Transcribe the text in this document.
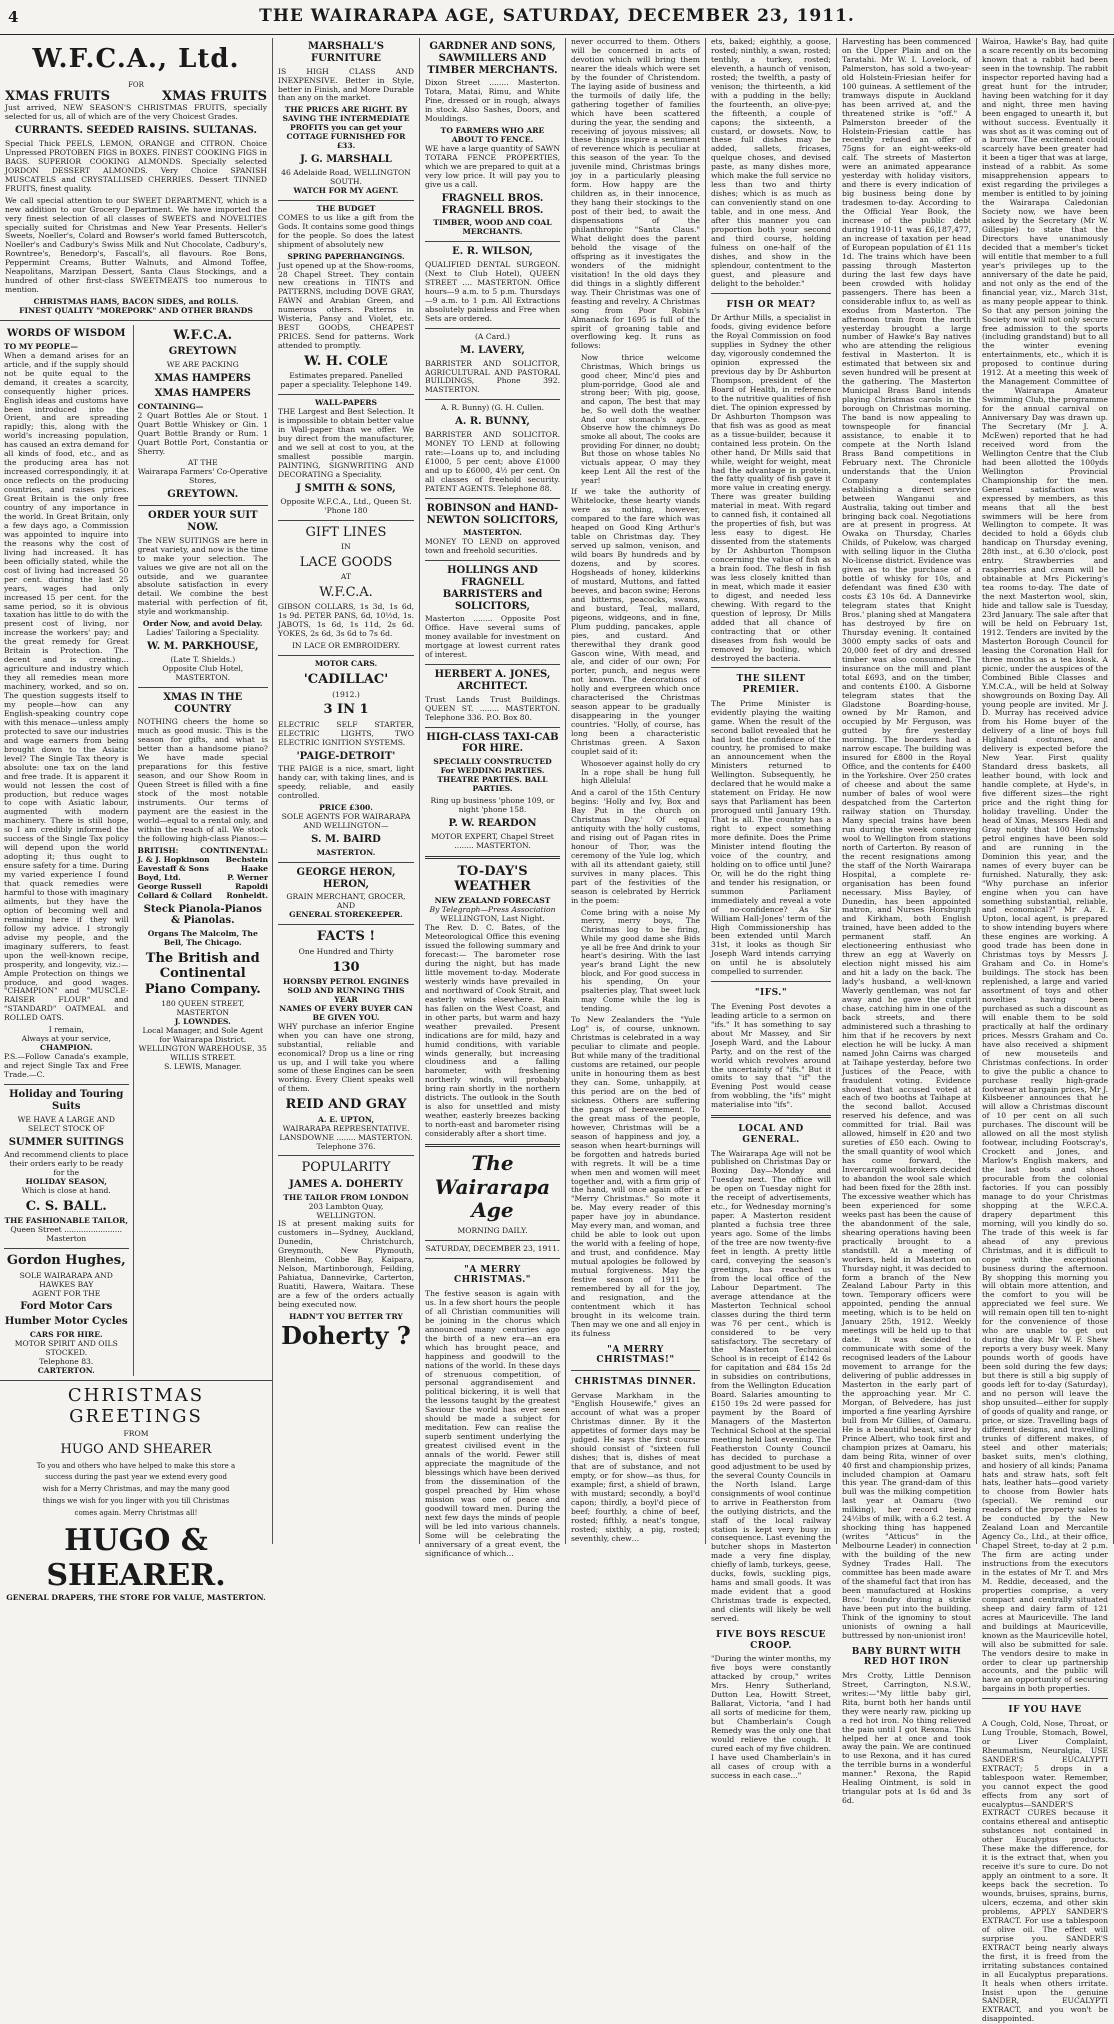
4	THE WAIRARAPA AGE, SATURDAY, DECEMBER 23, 1911.
W.F.C.A., Ltd.
FOR
XMAS FRUITS	XMAS FRUITS

Just arrived, NEW SEASON'S CHRISTMAS FRUITS, specially selected for us, all of which are of the very Choicest Grades.

CURRANTS. SEEDED RAISINS. SULTANAS.

Special Thick PEELS, LEMON, ORANGE and CITRON. Choice Unpressed PROTOBEN FIGS in BOXES. FINEST COOKING FIGS in BAGS. SUPERIOR COOKING ALMONDS. Specially selected JORDON DESSERT ALMONDS. Very Choice SPANISH MUSCATELS and CRYSTALLISED CHERRIES. Dessert TINNED FRUITS, finest quality.

We call special attention to our SWEET DEPARTMENT, which is a new addition to our Grocery Department. We have imported the very finest selection of all classes of SWEETS and NOVELTIES specially suited for Christmas and New Year Presents. Heller's Sweets, Noeller's, Colard and Bowser's world famed Butterscotch, Noeller's and Cadbury's Swiss Milk and Nut Chocolate, Cadbury's, Rowntree's, Benedorp's, Fascall's, all flavours. Roe Bons, Peppermint Creams, Butter Walnuts, and Almond Toffee, Neapolitans, Marzipan Dessert, Santa Claus Stockings, and a hundred of other first-class SWEETMEATS too numerous to mention.

CHRISTMAS HAMS, BACON SIDES, and ROLLS.
FINEST QUALITY "MOREPORK" AND OTHER BRANDS
WORDS OF WISDOM
TO MY PEOPLE—

When a demand arises for an article, and if the supply should not be quite equal to the demand, it creates a scarcity, consequently higher prices. English ideas and customs have been introduced into the Orient, and are spreading rapidly; this, along with the world's increasing population, has caused an extra demand for all kinds of food, etc., and as the producing area has not increased correspondingly, it at once reflects on the producing countries, and raises prices. Great Britain is the only free country of any importance in the world. In Great Britain, only a few days ago, a Commission was appointed to inquire into the reasons why the cost of living had increased. It has been officially stated, while the cost of living had increased 50 per cent. during the last 25 years, wages had only increased 15 per cent. for the same period, so it is obvious taxation has little to do with the present cost of living, nor increase the workers' pay; and the great remedy for Great Britain is Protection. The decent and is creating... agriculture and industry which they all remedies mean more machinery, worked, and so on. The question suggests itself to my people—how can any English-speaking country cope with this menace—unless amply protected to save our industries and wage earners from being brought down to the Asiatic level? The Single Tax theory is absolute: one tax on the land and free trade. It is apparent it would not lessen the cost of production, but reduce wages to cope with Asiatic labour, augmented with modern machinery. There is still hope, so I am credibly informed the success of the Single Tax policy will depend upon the world adopting it; thus ought to ensure safety for a time. During my varied experience I found that quack remedies were harmful to those with imaginary ailments, but they have the option of becoming well and remaining here if they will follow my advice. I strongly advise my people, and the imaginary sufferers, to feast upon the well-known recipe, prosperity, and longevity, viz.:— Ample Protection on things we produce, and good wages. "CHAMPION" and "MUSCLE-RAISER FLOUR" and "STANDARD" OATMEAL and ROLLED OATS.

I remain,
Always at your service,
CHAMPION.

P.S.—Follow Canada's example, and reject Single Tax and Free Trade.—C.

Holiday and Touring Suits
WE HAVE A LARGE AND SELECT STOCK OF
SUMMER SUITINGS
And recommend clients to place their orders early to be ready for the
HOLIDAY SEASON,
Which is close at hand.
C. S. BALL.
THE FASHIONABLE TAILOR,
Queen Street ........................ Masterton
Gordon Hughes,
SOLE WAIRARAPA AND HAWKES BAY
AGENT FOR THE
Ford Motor Cars
Humber Motor Cycles
CARS FOR HIRE.
MOTOR SPIRIT AND OILS STOCKED.
Telephone 83.
CARTERTON.
W.F.C.A.
GREYTOWN
WE ARE PACKING
XMAS HAMPERS
XMAS HAMPERS
CONTAINING—

2 Quart Bottles Ale or Stout. 1 Quart Bottle Whiskey or Gin. 1 Quart Bottle Brandy or Rum. 1 Quart Bottle Port, Constantia or Sherry.

AT THE
Wairarapa Farmers' Co-Operative Stores,
GREYTOWN.
ORDER YOUR SUIT NOW.

The NEW SUITINGS are here in great variety, and now is the time to make your selection. The values we give are not all on the outside, and we guarantee absolute satisfaction in every detail. We combine the best material with perfection of fit, style and workmanship.

Order Now, and avoid Delay.
Ladies' Tailoring a Speciality.
W. M. PARKHOUSE,
(Late T. Shields.)
Opposite Club Hotel, MASTERTON.
XMAS IN THE COUNTRY

NOTHING cheers the home so much as good music. This is the season for gifts, and what is better than a handsome piano? We have made special preparations for this festive season, and our Show Room in Queen Street is filled with a fine stock of the most notable instruments. Our terms of payment are the easiest in the world—equal to a rental only, and within the reach of all. We stock the following high-class Pianos:—

BRITISH:	CONTINENTAL:
J. & J. Hopkinson
Eavestaff & Sons
Boyd, Ltd.
George Russell
Collard & Collard
Bechstein
Haake
P. Werner
Rapoldi
Ronheldt.
Steck Pianola-Pianos & Pianolas.
Organs The Malcolm, The Bell, The Chicago.
The British and Continental Piano Company.
180 QUEEN STREET, MASTERTON
J. LOWNDES.
Local Manager, and Sole Agent for Wairarapa District.
WELLINGTON WAREHOUSE, 35 WILLIS STREET.
S. LEWIS, Manager.
CHRISTMAS GREETINGS
FROM
HUGO AND SHEARER

To you and others who have helped to make this store a success during the past year we extend every good wish for a Merry Christmas, and may the many good things we wish for you linger with you till Christmas comes again. Merry Christmas all!

HUGO & SHEARER.
GENERAL DRAPERS, THE STORE FOR VALUE, MASTERTON.
MARSHALL'S FURNITURE

IS HIGH CLASS AND INEXPENSIVE. Better in Style, better in Finish, and More Durable than any on the market.

THE PRICES ARE RIGHT. BY SAVING THE INTERMEDIATE PROFITS you can get your COTTAGE FURNISHED FOR £33.
J. G. MARSHALL
46 Adelaide Road, WELLINGTON SOUTH.
WATCH FOR MY AGENT.
THE BUDGET

COMES to us like a gift from the Gods. It contains some good things for the people. So does the latest shipment of absolutely new

SPRING PAPERHANGINGS.

Just opened up at the Show-rooms, 28 Chapel Street. They contain new creations in TINTS and PATTERNS, including DOVE GRAY, FAWN and Arabian Green, and numerous others. Patterns in Wisteria, Pansy and Violet, etc. BEST GOODS, CHEAPEST PRICES. Send for patterns. Work attended to promptly.

W. H. COLE
Estimates prepared. Panelled paper a speciality. Telephone 149.
WALL-PAPERS

THE Largest and Best Selection. It is impossible to obtain better value in Wall-paper than we offer. We buy direct from the manufacturer, and we sell at cost to you, at the smallest possible margin. PAINTING, SIGNWRITING AND DECORATING a Speciality.

J SMITH & SONS,
Opposite W.F.C.A., Ltd., Queen St. 'Phone 180
GIFT LINES
IN
LACE GOODS
AT
W.F.C.A.

GIBSON COLLARS, 1s 3d, 1s 6d, 1s 9d. PETER PANS, 6d, 10½d, 1s. JABOTS, 1s 6d, 1s 11d, 2s 6d. YOKES, 2s 6d, 3s 6d to 7s 6d.

IN LACE OR EMBROIDERY.
MOTOR CARS.
'CADILLAC'
(1912.)
3 IN 1

ELECTRIC SELF STARTER, ELECTRIC LIGHTS, TWO ELECTRIC IGNITION SYSTEMS.

'PAIGE-DETROIT'

THE PAIGE is a nice, smart, light handy car, with taking lines, and is speedy, reliable, and easily controlled.

PRICE £300.
SOLE AGENTS FOR WAIRARAPA AND WELLINGTON—
S. M. BAIRD
MASTERTON.
GEORGE HERON, HERON,
GRAIN MERCHANT, GROCER, AND
GENERAL STOREKEEPER.
FACTS !
One Hundred and Thirty
130
HORNSBY PETROL ENGINES SOLD AND RUNNING THIS YEAR
NAMES OF EVERY BUYER CAN BE GIVEN YOU.

WHY purchase an inferior Engine when you can have one strong, substantial, reliable and economical? Drop us a line or ring us up, and I will take you where some of these Engines can be seen working. Every Client speaks well of them.

REID AND GRAY
A. E. UPTON,
WAIRARAPA REPRESENTATIVE.
LANSDOWNE ........ MASTERTON.
Telephone 376.
POPULARITY
JAMES A. DOHERTY
THE TAILOR FROM LONDON
203 Lambton Quay, WELLINGTON.

IS at present making suits for customers in—Sydney, Auckland, Dunedin, Christchurch, Greymouth, New Plymouth, Blenheim, Cobbe Bay, Kaipara, Nelson, Martinborough, Feilding, Pahiatua, Dannevirke, Carterton, Ruatiti, Hawera, Waitara. These are a few of the orders actually being executed now.

HADN'T YOU BETTER TRY
Doherty ?
GARDNER AND SONS, SAWMILLERS AND TIMBER MERCHANTS.

Dixon Street ........ Masterton. Totara, Matai, Rimu, and White Pine, dressed or in rough, always in stock. Also Sashes, Doors, and Mouldings.

TO FARMERS WHO ARE ABOUT TO FENCE.

WE have a large quantity of SAWN TOTARA FENCE PROPERTIES, which we are prepared to quit at a very low price. It will pay you to give us a call.

FRAGNELL BROS. FRAGNELL BROS.
TIMBER, WOOD AND COAL MERCHANTS.
E. R. WILSON,

QUALIFIED DENTAL SURGEON. (Next to Club Hotel), QUEEN STREET .... MASTERTON. Office hours—9 a.m. to 5 p.m. Thursdays—9 a.m. to 1 p.m. All Extractions absolutely painless and Free when Sets are ordered.

(A Card.)
M. LAVERY,

BARRISTER AND SOLICITOR, AGRICULTURAL AND PASTORAL BUILDINGS, Phone 392. MASTERTON.

A. R. Bunny) (G. H. Cullen.
A. R. BUNNY,

BARRISTER AND SOLICITOR. MONEY TO LEND at following rate:—Loans up to, and including £1000, 5 per cent; above £1000 and up to £6000, 4½ per cent. On all classes of freehold security. PATENT AGENTS. Telephone 88.

ROBINSON and HAND-NEWTON SOLICITORS,
MASTERTON.

MONEY TO LEND on approved town and freehold securities.

HOLLINGS AND FRAGNELL BARRISTERS and SOLICITORS,

Masterton ........ Opposite Post Office. Have several sums of money available for investment on mortgage at lowest current rates of interest.

HERBERT A. JONES, ARCHITECT.

Trust Lands Trust Buildings. QUEEN ST. ........ MASTERTON. Telephone 336. P.O. Box 80.

HIGH-CLASS TAXI-CAB FOR HIRE.

SPECIALLY CONSTRUCTED For WEDDING PARTIES. THEATRE PARTIES. BALL PARTIES.

Ring up business 'phone 109, or night 'phone 158.
P. W. REARDON
MOTOR EXPERT, Chapel Street ........ MASTERTON.
TO-DAY'S WEATHER
NEW ZEALAND FORECAST
By Telegraph—Press Association
WELLINGTON, Last Night.

The Rev. D. C. Bates, of the Meteorological Office this evening issued the following summary and forecast:— The barometer rose during the night, but has made little movement to-day. Moderate westerly winds have prevailed in and northward of Cook Strait, and easterly winds elsewhere. Rain has fallen on the West Coast, and in other parts, but warm and hazy weather prevailed. Present indications are for mild, hazy and humid conditions, with variable winds generally, but increasing cloudiness and a falling barometer, with freshening northerly winds, will probably bring rain shortly in the northern districts. The outlook in the South is also for unsettled and misty weather, easterly breezes backing to north-east and barometer rising considerably after a short time.

The Wairarapa Age
MORNING DAILY.
SATURDAY, DECEMBER 23, 1911.
"A MERRY CHRISTMAS."

The festive season is again with us. In a few short hours the people of all Christian communities will be joining in the chorus which announced many centuries ago the birth of a new era—an era which has brought peace, and happiness and goodwill to the nations of the world. In these days of strenuous competition, of personal aggrandisement and political bickering, it is well that the lessons taught by the greatest Saviour the world has ever seen should be made a subject for meditation. Few can realise the superb sentiment underlying the greatest civilised event in the annals of the world. Fewer still appreciate the magnitude of the blessings which have been derived from the dissemination of the gospel preached by Him whose mission was one of peace and goodwill toward men. During the next few days the minds of people will be led into various channels. Some will be celebrating the anniversary of a great event, the significance of which…

never occurred to them. Others will be concerned in acts of devotion which will bring them nearer the ideals which were set by the founder of Christendom. The laying aside of business and the turmoils of daily life, the gathering together of families which have been scattered during the year, the sending and receiving of joyous missives; all these things inspire a sentiment of reverence which is peculiar at this season of the year. To the juvenile mind, Christmas brings joy in a particularly pleasing form. How happy are the children as, in their innocence, they hang their stockings to the post of their bed, to await the dispensations of the philanthropic "Santa Claus." What delight does the parent behold the visage of the offspring as it investigates the wonders of the midnight visitation! In the old days they did things in a slightly different way. Their Christmas was one of feasting and revelry. A Christmas song from Poor Robin's Almanack for 1695 is full of the spirit of groaning table and overflowing keg. It runs as follows:

Now thrice welcome Christmas, Which brings us good cheer, Minc'd pies and plum-porridge, Good ale and strong beer; With pig, goose, and capon, The best that may be, So well doth the weather And our stomach's agree. Observe how the chimneys Do smoke all about, The cooks are providing For dinner, no doubt; But those on whose tables No victuals appear, O may they keep Lent All the rest of the year!

If we take the authority of Whitelocke, these hearty viands were as nothing, however, compared to the fare which was heaped on Good King Arthur's table on Christmas day. They served up salmon, venison, and wild boars By hundreds and by dozens, and by scores. Hogsheads of honey, kilderkins of mustard, Muttons, and fatted beeves, and bacon swine; Herons and bitterns, peacocks, swans, and bustard, Teal, mallard, pigeons, widgeons, and in fine, Plum pudding, pancakes, apple pies, and custard. And therewithal they drank good Gascon wine, With mead, and ale, and cider of our own; For porter, punch, and negus were not known. The decorations of holly and evergreen which once characterised the Christmas season appear to be gradually disappearing in the younger countries. "Holly, of course, has long been a characteristic Christmas green. A Saxon couplet said of it:

Whosoever against holly do cry In a rope shall be hung full high Allelula!

And a carol of the 15th Century begins: 'Holly and Ivy, Box and Bay Put in the church on Christmas Day.' Of equal antiquity with the holly customs, and rising out of Pagan rites in honour of Thor, was the ceremony of the Yule log, which with all its attendant gaiety, still survives in many places. This part of the festivities of the season is celebrated by Herrick in the poem:

Come bring with a noise My merry, merry boys, The Christmas log to be firing, While my good dame she Bids ye all be free And drink to your heart's desiring. With the last year's brand Light the new block, and For good success in his spending, On your psalteries play, That sweet luck may Come while the log is tending.

To New Zealanders the "Yule Log" is, of course, unknown. Christmas is celebrated in a way peculiar to climate and people. But while many of the traditional customs are retained, our people unite in honouring them as best they can. Some, unhappily, at this period are on the bed of sickness. Others are suffering the pangs of bereavement. To the great mass of the people, however, Christmas will be a season of happiness and joy, a season when heart-burnings will be forgotten and hatreds buried with regrets. It will be a time when men and women will meet together and, with a firm grip of the hand, will once again offer a "Merry Christmas." So mote it be. May every reader of this paper have joy in abundance. May every man, and woman, and child be able to look out upon the world with a feeling of hope, and trust, and confidence. May mutual apologies be followed by mutual forgiveness. May the festive season of 1911 be remembered by all for the joy, and resignation, and the contentment which it has brought in its welcome train. Then may we one and all enjoy in its fulness

"A MERRY CHRISTMAS!"
CHRISTMAS DINNER.

Gervase Markham in the "English Housewife," gives an account of what was a proper Christmas dinner. By it the appetites of former days may be judged. He says the first course should consist of "sixteen full dishes; that is, dishes of meat that are of substance, and not empty, or for show—as thus, for example; first, a shield of brawn, with mustard; secondly, a boyl'd capon; thirdly, a boyl'd piece of beef; fourthly, a chine of beef, rosted; fifthly, a neat's tongue, rosted; sixthly, a pig, rosted; seventhly, chew…

ets, baked; eighthly, a goose, rosted; ninthly, a swan, rosted; tenthly, a turkey, rosted; eleventh, a haunch of venison, rosted; the twelfth, a pasty of venison; the thirteenth, a kid with a pudding in the belly; the fourteenth, an olive-pye; the fifteenth, a couple of capons; the sixteenth, a custard, or dowsets. Now, to these full dishes may be added, sallets, fricases, quelque choses, and devised paste, as many dishes more, which make the full service no less than two and thirty dishes; which is as much as can conveniently stand on one table, and in one mess. And after this manner you can proportion both your second and third course, holding fulness on one-half of the dishes, and show in the splendour, contentment to the guest, and pleasure and delight to the beholder."

FISH OR MEAT?

Dr Arthur Mills, a specialist in foods, giving evidence before the Royal Commission on food supplies in Sydney the other day, vigorously condemned the opinion expressed the previous day by Dr Ashburton Thompson, president of the Board of Health, in reference to the nutritive qualities of fish diet. The opinion expressed by Dr Ashburton Thompson was that fish was as good as meat as a tissue-builder, because it contained less protein. On the other hand, Dr Mills said that while, weight for weight, meat had the advantage in protein, the fatty quality of fish gave it more value in creating energy. There was greater building material in meat. With regard to canned fish, it contained all the properties of fish, but was less easy to digest. He dissented from the statements by Dr Ashburton Thompson concerning the value of fish as a brain food. The flesh in fish was less closely knitted than in meat, which made it easier to digest, and needed less chewing. With regard to the question of leprosy, Dr Mills added that all chance of contracting that or other diseases from fish would be removed by boiling, which destroyed the bacteria.

THE SILENT PREMIER.

The Prime Minister is evidently playing the waiting game. When the result of the second ballot revealed that he had lost the confidence of the country, he promised to make an announcement when the Ministers returned to Wellington. Subsequently, he declared that he would make a statement on Friday. He now says that Parliament has been prorogued until January 19th. That is all. The country has a right to expect something more definite. Does the Prime Minister intend flouting the voice of the country, and holding on to office until June? Or, will he do the right thing and tender his resignation, or summon Parliament immediately and reveal a vote of no-confidence? As Sir William Hall-Jones' term of the High Commissionership has been extended until March 31st, it looks as though Sir Joseph Ward intends carrying on until he is absolutely compelled to surrender.

"IFS."

The Evening Post devotes a leading article to a sermon on "ifs." It has something to say about Mr Massey, and Sir Joseph Ward, and the Labour Party, and on the rest of the world which revolves around the uncertainty of "ifs." But it omits to say that "if" the Evening Post would cease from wobbling, the "ifs" might materialise into "ifs".

LOCAL AND GENERAL.

The Wairarapa Age will not be published on Christmas Day or Boxing Day—Monday and Tuesday next. The office will be open on Tuesday night for the receipt of advertisements, etc., for Wednesday morning's paper. A Masterton resident planted a fuchsia tree three years ago. Some of the limbs of the tree are now twenty-five feet in length. A pretty little card, conveying the season's greetings, has reached us from the local office of the Labour Department. The average attendance at the Masterton Technical school classes during the third term was 76 per cent., which is considered to be very satisfactory. The secretary of the Masterton Technical School is in receipt of £142 6s for capitation and £84 15s 2d in subsidies on contributions, from the Wellington Education Board. Salaries amounting to £150 19s 2d were passed for payment by the Board of Managers of the Masterton Technical School at the special meeting held last evening. The Featherston County Council has decided to purchase a good adjustment to be used by the several County Councils in the North Island. Large consignments of wool continue to arrive in Featherston from the outlying districts, and the staff of the local railway station is kept very busy in consequence. Last evening the butcher shops in Masterton made a very fine display, chiefly of lamb, turkeys, geese, ducks, fowls, suckling pigs, hams and small goods. It was made evident that a good Christmas trade is expected, and clients will likely be well served.

FIVE BOYS RESCUE CROOP.

"During the winter months, my five boys were constantly attacked by croup," writes Mrs. Henry Sutherland, Dutton Lea, Howitt Street, Ballarat, Victoria, "and I had all sorts of medicine for them, but Chamberlain's Cough Remedy was the only one that would relieve the cough. It cured each of my five children. I have used Chamberlain's in all cases of croup with a success in each case..."

Harvesting has been commenced on the Upper Plain and on the Taratahi. Mr W. I. Lovelock, of Palmerston, has sold a two-year-old Holstein-Friesian heifer for 100 guineas. A settlement of the tramways dispute in Auckland has been arrived at, and the threatened strike is "off." A Palmerston breeder of the Holstein-Friesian cattle has recently refused an offer of 75gns for an eight-weeks-old calf. The streets of Masterton were an animated appearance yesterday with holiday visitors, and there is every indication of big business being done by tradesmen to-day. According to the Official Year Book, the increase of the public debt during 1910-11 was £6,187,477, an increase of taxation per head of European population of £1 11s 1d. The trains which have been passing through Masterton during the last few days have been crowded with holiday passengers. There has been a considerable influx to, as well as exodus from Masterton. The afternoon train from the north yesterday brought a large number of Hawke's Bay natives who are attending the religious festival in Masterton. It is estimated that between six and seven hundred will be present at the gathering. The Masterton Municipal Brass Band intends playing Christmas carols in the borough on Christmas morning. The band is now appealing to townspeople for financial assistance, to enable it to compete at the North Island Brass Band competitions in February next. The Chronicle understands that the Union Company contemplates establishing a direct service between Wanganui and Australia, taking out timber and bringing back coal. Negotiations are at present in progress. At Owaka on Thursday, Charles Childs, of Pukelow, was charged with selling liquor in the Clutha No-license district. Evidence was given as to the purchase of a bottle of whisky for 10s, and defendant was fined £30 with costs £3 10s 6d. A Dannevirke telegram states that Knight Bros.' planing shed at Mangatera has destroyed by fire on Thursday evening. It contained 3000 empty sacks of oats and 20,000 feet of dry and dressed timber was also consumed. The insurance on the mill and plant total £693, and on the timber, and contents £100. A Gisborne telegram states that the Gladstone Boarding-house, owned by Mr Ramon, and occupied by Mr Ferguson, was gutted by fire yesterday morning. The boarders had a narrow escape. The building was insured for £800 in the Royal Office, and the contents for £400 in the Yorkshire. Over 250 crates of cheese and about the same number of bales of wool were despatched from the Carterton railway station on Thursday. Many special trains have been run during the week conveying wool to Wellington from stations north of Carterton. By reason of the recent resignations among the staff of the North Wairarapa Hospital, a complete re-organisation has been found necessary. Miss Bayley, of Dunedin, has been appointed matron, and Nurses Horsburgh and Kirkham, both English trained, have been added to the permanent staff. An electioneering enthusiast who threw an egg at Waverly on election night missed his aim and hit a lady on the back. The lady's husband, a well-known Waverly gentleman, was not far away and he gave the culprit chase, catching him in one of the back streets, and there administered such a thrashing to him that if he recovers by next election he will be lucky. A man named John Cairns was charged at Taihape yesterday, before two Justices of the Peace, with fraudulent voting. Evidence showed that accused voted at each of two booths at Taihape at the second ballot. Accused reserved his defence, and was committed for trial. Bail was allowed, himself in £20 and two sureties of £50 each. Owing to the small quantity of wool which has come forward, the Invercargill woolbrokers decided to abandon the wool sale which had been fixed for the 28th inst. The excessive weather which has been experienced for some weeks past has been the cause of the abandonment of the sale, shearing operations having been practically brought to a standstill. At a meeting of workers, held in Masterton on Thursday night, it was decided to form a branch of the New Zealand Labour Party in this town. Temporary officers were appointed, pending the annual meeting, which is to be held on January 25th, 1912. Weekly meetings will be held up to that date. It was decided to communicate with some of the recognised leaders of the Labour movement to arrange for the delivering of public addresses in Masterton in the early part of the approaching year. Mr C. Morgan, of Belvedere, has just imported a fine yearling Ayrshire bull from Mr Gillies, of Oamaru. He is a beautiful beast, sired by Prince Albert, who took first and champion prizes at Oamaru, his dam being Rita, winner of over 40 first and championship prizes, included champion at Oamaru this year. The grand-dam of this bull was the milking competition last year at Oamaru (two milking), her record being 24½lbs of milk, with a 6.2 test. A shocking thing has happened (writes "Atticus" in the Melbourne Leader) in connection with the building of the new Sydney Trades Hall. The committee has been made aware of the shameful fact that iron has been manufactured at Hoskins Bros.' foundry during a strike have been put into the building. Think of the ignominy to stout unionists of owning a hall buttressed by non-unionist iron!

BABY BURNT WITH RED HOT IRON

Mrs Crotty, Little Dennison Street, Carrington, N.S.W., writes:—"My little baby girl, Rita, burnt both her hands until they were nearly raw, picking up a red hot iron. No thing relieved the pain until I got Rexona. This helped her at once and took away the pain. We are continued to use Rexona, and it has cured the terrible burns in a wonderful manner." Rexona, the Rapid Healing Ointment, is sold in triangular pots at 1s 6d and 3s 6d.

Wairoa, Hawke's Bay, had quite a scare recently on its becoming known that a rabbit had been seen in the township. The rabbit inspector reported having had a great hunt for the intruder, having been watching for it day and night, three men having been engaged to unearth it, but without success. Eventually it was shot as it was coming out of a burrow. The excitement could scarcely have been greater had it been a tiger that was at large, instead of a rabbit. As some misapprehension appears to exist regarding the privileges a member is entitled to by joining the Wairarapa Caledonian Society now, we have been asked by the Secretary (Mr W. Gillespie) to state that the Directors have unanimously decided that a member's ticket will entitle that member to a full year's privileges up to the anniversary of the date he paid, and not only as the end of the financial year, viz., March 31st, as many people appear to think. So that any person joining the Society now will not only secure free admission to the sports (including grandstand) but to all the winter evening entertainments, etc., which it is proposed to continue during 1912. At a meeting this week of the Management Committee of the Wairarapa Amateur Swimming Club, the programme for the annual carnival on Anniversary Day was drawn up. The Secretary (Mr J. A. McEwen) reported that he had received word from the Wellington Centre that the Club had been allotted the 100yds Wellington Provincial Championship for the men. General satisfaction was expressed by members, as this means that all the best swimmers will be here from Wellington to compete. It was decided to hold a 66yds club handicap on Thursday evening, 28th inst., at 6.30 o'clock, post entry. Strawberries and raspberries and cream will be obtainable at Mrs Pickering's tea rooms to-day. The date of the next Masterton wool, skin, hide and tallow sale is Tuesday, 23rd January. The sale after that will be held on February 1st, 1912. Tenders are invited by the Masterton Borough Council for leasing the Coronation Hall for three months as a tea kiosk. A picnic, under the auspices of the Combined Bible Classes and Y.M.C.A., will be held at Solway showgrounds on Boxing Day. All young people are invited. Mr J. D. Murray has received advice from his Home buyer of the delivery of a line of boys full Highland costumes, and delivery is expected before the New Year. First quality Standard dress baskets, all leather bound, with lock and handle complete, at Hyde's, in five different sizes—the right price and the right thing for holiday travelling. Under the head of Xmas, Messrs Hedi and Gray notify that 100 Hornsby petrol engines have been sold and are running in the Dominion this year, and the names of every buyer can be furnished. Naturally, they ask: "Why purchase an inferior engine when you can have something substantial, reliable, and economical?" Mr A. E. Upton, local agent, is prepared to show intending buyers where these engines are working. A good trade has been done in Christmas toys by Messrs J. Graham and Co. in Home's buildings. The stock has been replenished, a large and varied assortment of toys and other novelties having been purchased as such a discount as will enable them to be sold practically at half the ordinary prices. Messrs Graham and Co. have also received a shipment of new mouseteils and Christmas confections. In order to give the public a chance to purchase really high-grade footwear at bargain prices, Mr J. Kilsbeener announces that he will allow a Christmas discount of 10 per cent on all such purchases. The discount will be allowed on all the most stylish footwear, including Footscray's, Crockett and Jones, and Marlow's English makers, and the last boots and shoes procurable from the colonial factories. If you can possibly manage to do your Christmas shopping at the W.F.C.A. drapery department this morning, will you kindly do so. The trade of this week is far ahead of any previous Christmas, and it is difficult to cope with the exceptional business during the afternoon. By shopping this morning you will obtain more attention, and the comfort to you will be appreciated we feel sure. We will remain open till ten to-night for the convenience of those who are unable to get out during the day. Mr W. F. Shew reports a very busy week. Many pounds worth of goods have been sold during the few days; but there is still a big supply of goods left for to-day (Saturday), and no person will leave the shop unsuited—either for supply of goods of quality and range, or price, or size. Travelling bags of different designs, and travelling trunks of different makes, of steel and other materials; basket suits, men's clothing, and hosiery of all kinds; Panama hats and straw hats, soft felt hats, leather hats—good variety to choose from Bowler hats (special). We remind our readers of the property sales to be conducted by the New Zealand Loan and Mercantile Agency Co., Ltd., at their office, Chapel Street, to-day at 2 p.m. The firm are acting under instructions from the executors in the estates of Mr T. and Mrs M. Reddie, deceased, and the properties comprise, a very compact and centrally situated sheep and dairy farm of 121 acres at Mauriceville. The land and buildings at Mauriceville, known as the Mauriceville hotel, will also be submitted for sale. The vendors desire to make in order to clear up partnership accounts, and the public will have an opportunity of securing bargains in both properties.

IF YOU HAVE

A Cough, Cold, Nose, Throat, or Lung Trouble, Stomach, Bowel, or Liver Complaint, Rheumatism, Neuralgia, USE SANDER'S EUCALYPTI EXTRACT; 5 drops in a tablespoon water. Remember, you cannot expect the good effects from any sort of eucalyptus—SANDER'S EXTRACT CURES because it contains ethereal and antiseptic substances not contained in other Eucalyptus products. These make the difference, for it is the extract that, when you receive it's sure to cure. Do not apply an ointment to a sore. It keeps back the secretion. To wounds, bruises, sprains, burns, ulcers, eczema, and other skin problems, APPLY SANDER'S EXTRACT. For use a tablespoon of olive oil. The effect will surprise you. SANDER'S EXTRACT being nearly always the first, it is freed from the irritating substances contained in all Eucalyptus preparations. It heals when others irritate. Insist upon the genuine SANDER, EUCALYPTI EXTRACT, and you won't be disappointed.
